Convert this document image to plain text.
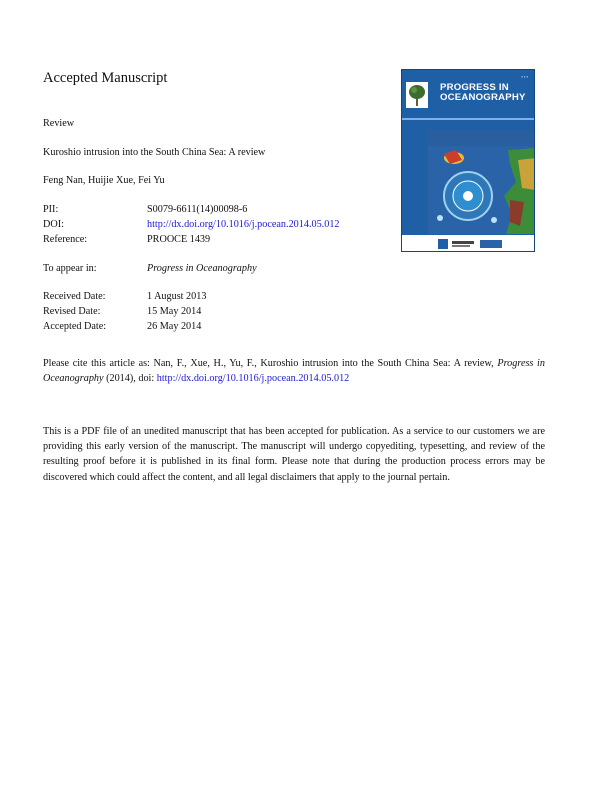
Accepted Manuscript
Review
Kuroshio intrusion into the South China Sea: A review
Feng Nan, Huijie Xue, Fei Yu
PII:	S0079-6611(14)00098-6
DOI:	http://dx.doi.org/10.1016/j.pocean.2014.05.012
Reference:	PROOCE 1439
To appear in:	Progress in Oceanography
Received Date:	1 August 2013
Revised Date:	15 May 2014
Accepted Date:	26 May 2014
Please cite this article as: Nan, F., Xue, H., Yu, F., Kuroshio intrusion into the South China Sea: A review, Progress in Oceanography (2014), doi: http://dx.doi.org/10.1016/j.pocean.2014.05.012
This is a PDF file of an unedited manuscript that has been accepted for publication. As a service to our customers we are providing this early version of the manuscript. The manuscript will undergo copyediting, typesetting, and review of the resulting proof before it is published in its final form. Please note that during the production process errors may be discovered which could affect the content, and all legal disclaimers that apply to the journal pertain.
▪ ▪ ▪
PROGRESS IN
OCEANOGRAPHY
